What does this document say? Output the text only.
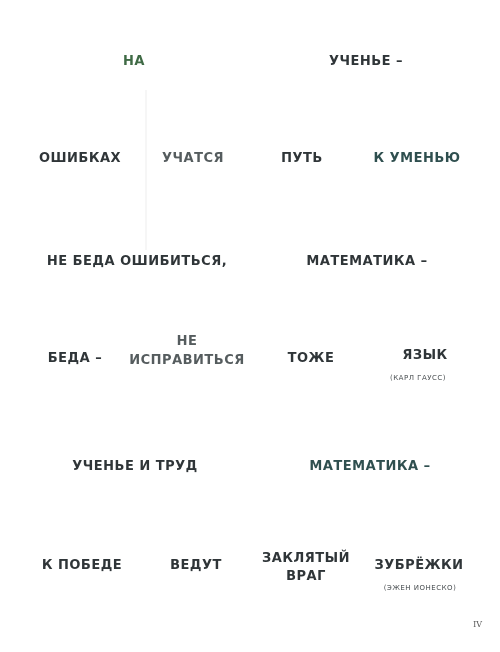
НА	УЧЕНЬЕ –
ОШИБКАХ	УЧАТСЯ	ПУТЬ	К УМЕНЬЮ
НЕ БЕДА ОШИБИТЬСЯ,	МАТЕМАТИКА –
БЕДА –
НЕ
ИСПРАВИТЬСЯ	ТОЖЕ	ЯЗЫК
(КАРЛ ГАУСС)
УЧЕНЬЕ И ТРУД	МАТЕМАТИКА –
К ПОБЕДЕ	ВЕДУТ	ЗАКЛЯТЫЙ
ВРАГ
ЗУБРЁЖКИ
(ЭЖЕН ИОНЕСКО)
IV
